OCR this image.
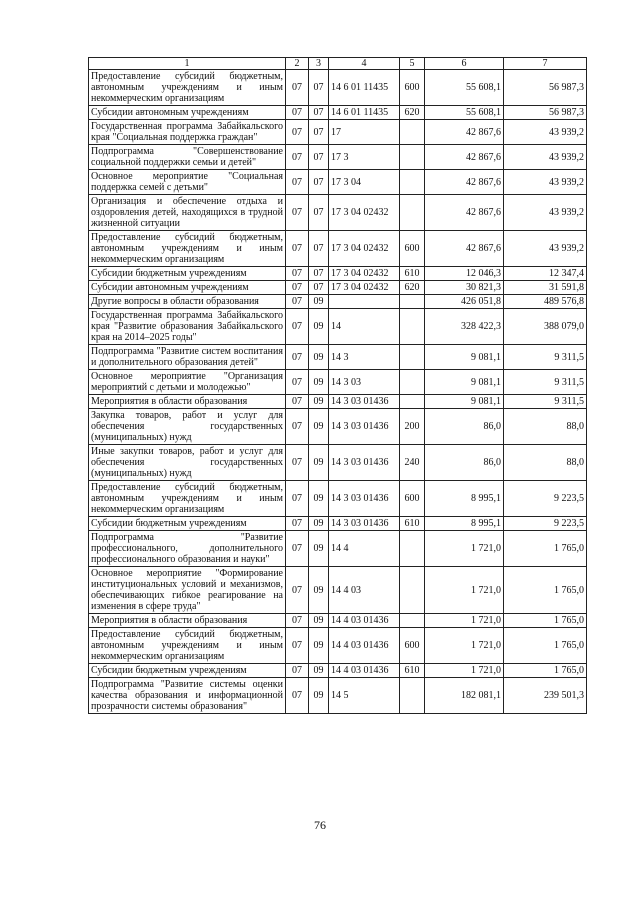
1	2	3	4	5	6	7
Предоставление субсидий бюджетным, автономным учреждениям и иным некоммерческим организациям	07	07	14 6 01 11435	600	55 608,1	56 987,3
Субсидии автономным учреждениям	07	07	14 6 01 11435	620	55 608,1	56 987,3
Государственная программа Забайкальского края "Социальная поддержка граждан"	07	07	17		42 867,6	43 939,2
Подпрограмма "Совершенствование социальной поддержки семьи и детей"	07	07	17 3		42 867,6	43 939,2
Основное мероприятие "Социальная поддержка семей с детьми"	07	07	17 3 04		42 867,6	43 939,2
Организация и обеспечение отдыха и оздоровления детей, находящихся в трудной жизненной ситуации	07	07	17 3 04 02432		42 867,6	43 939,2
Предоставление субсидий бюджетным, автономным учреждениям и иным некоммерческим организациям	07	07	17 3 04 02432	600	42 867,6	43 939,2
Субсидии бюджетным учреждениям	07	07	17 3 04 02432	610	12 046,3	12 347,4
Субсидии автономным учреждениям	07	07	17 3 04 02432	620	30 821,3	31 591,8
Другие вопросы в области образования	07	09			426 051,8	489 576,8
Государственная программа Забайкальского края "Развитие образования Забайкальского края на 2014–2025 годы"	07	09	14		328 422,3	388 079,0
Подпрограмма "Развитие систем воспитания и дополнительного образования детей"	07	09	14 3		9 081,1	9 311,5
Основное мероприятие "Организация мероприятий с детьми и молодежью"	07	09	14 3 03		9 081,1	9 311,5
Мероприятия в области образования	07	09	14 3 03 01436		9 081,1	9 311,5
Закупка товаров, работ и услуг для обеспечения государственных (муниципальных) нужд	07	09	14 3 03 01436	200	86,0	88,0
Иные закупки товаров, работ и услуг для обеспечения государственных (муниципальных) нужд	07	09	14 3 03 01436	240	86,0	88,0
Предоставление субсидий бюджетным, автономным учреждениям и иным некоммерческим организациям	07	09	14 3 03 01436	600	8 995,1	9 223,5
Субсидии бюджетным учреждениям	07	09	14 3 03 01436	610	8 995,1	9 223,5
Подпрограмма "Развитие профессионального, дополнительного профессионального образования и науки"	07	09	14 4		1 721,0	1 765,0
Основное мероприятие "Формирование институциональных условий и механизмов, обеспечивающих гибкое реагирование на изменения в сфере труда"	07	09	14 4 03		1 721,0	1 765,0
Мероприятия в области образования	07	09	14 4 03 01436		1 721,0	1 765,0
Предоставление субсидий бюджетным, автономным учреждениям и иным некоммерческим организациям	07	09	14 4 03 01436	600	1 721,0	1 765,0
Субсидии бюджетным учреждениям	07	09	14 4 03 01436	610	1 721,0	1 765,0
Подпрограмма "Развитие системы оценки качества образования и информационной прозрачности системы образования"	07	09	14 5		182 081,1	239 501,3
76
